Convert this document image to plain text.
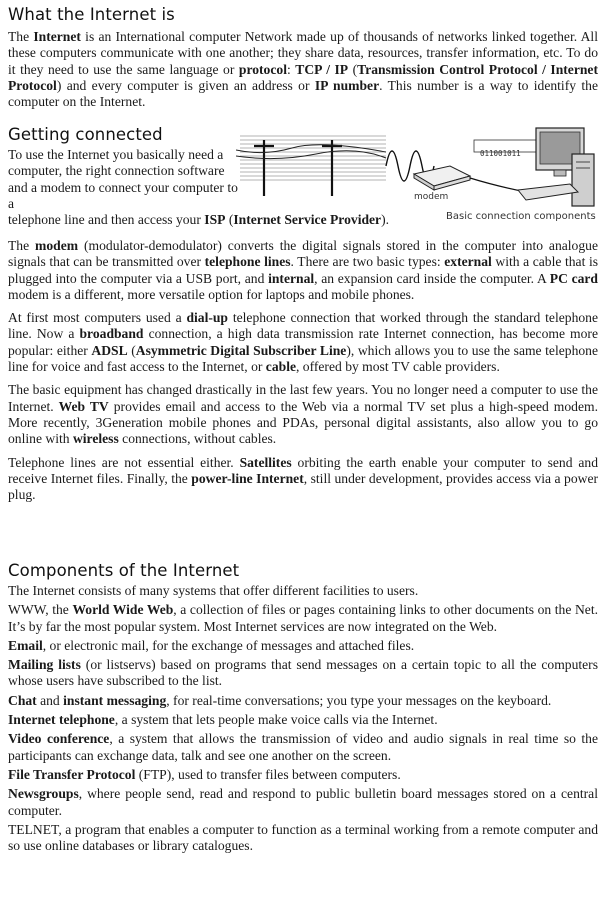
What the Internet is

The Internet is an International computer Network made up of thousands of networks linked together. All these computers communicate with one another; they share data, resources, transfer information, etc. To do it they need to use the same language or protocol: TCP / IP (Transmission Control Protocol / Internet Protocol) and every computer is given an address or IP number. This number is a way to identify the computer on the Internet.

Getting connected

To use the Internet you basically need a computer, the right connection software and a modem to connect your computer to a

telephone line and then access your ISP (Internet Service Provider).
011001011
modem
Basic connection components

The modem (modulator-demodulator) converts the digital signals stored in the computer into analogue signals that can be transmitted over telephone lines. There are two basic types: external with a cable that is plugged into the computer via a USB port, and internal, an expansion card inside the computer. A PC card modem is a different, more versatile option for laptops and mobile phones.

At first most computers used a dial-up telephone connection that worked through the standard telephone line. Now a broadband connection, a high data transmission rate Internet connection, has become more popular: either ADSL (Asymmetric Digital Subscriber Line), which allows you to use the same telephone line for voice and fast access to the Internet, or cable, offered by most TV cable providers.

The basic equipment has changed drastically in the last few years. You no longer need a computer to use the Internet. Web TV provides email and access to the Web via a normal TV set plus a high-speed modem. More recently, 3Generation mobile phones and PDAs, personal digital assistants, also allow you to go online with wireless connections, without cables.

Telephone lines are not essential either. Satellites orbiting the earth enable your computer to send and receive Internet files. Finally, the power-line Internet, still under development, provides access via a power plug.

Components of the Internet

The Internet consists of many systems that offer different facilities to users.

WWW, the World Wide Web, a collection of files or pages containing links to other documents on the Net. It’s by far the most popular system. Most Internet services are now integrated on the Web.

Email, or electronic mail, for the exchange of messages and attached files.

Mailing lists (or listservs) based on programs that send messages on a certain topic to all the computers whose users have subscribed to the list.

Chat and instant messaging, for real-time conversations; you type your messages on the keyboard.

Internet telephone, a system that lets people make voice calls via the Internet.

Video conference, a system that allows the transmission of video and audio signals in real time so the participants can exchange data, talk and see one another on the screen.

File Transfer Protocol (FTP), used to transfer files between computers.

Newsgroups, where people send, read and respond to public bulletin board messages stored on a central computer.

TELNET, a program that enables a computer to function as a terminal working from a remote computer and so use online databases or library catalogues.
